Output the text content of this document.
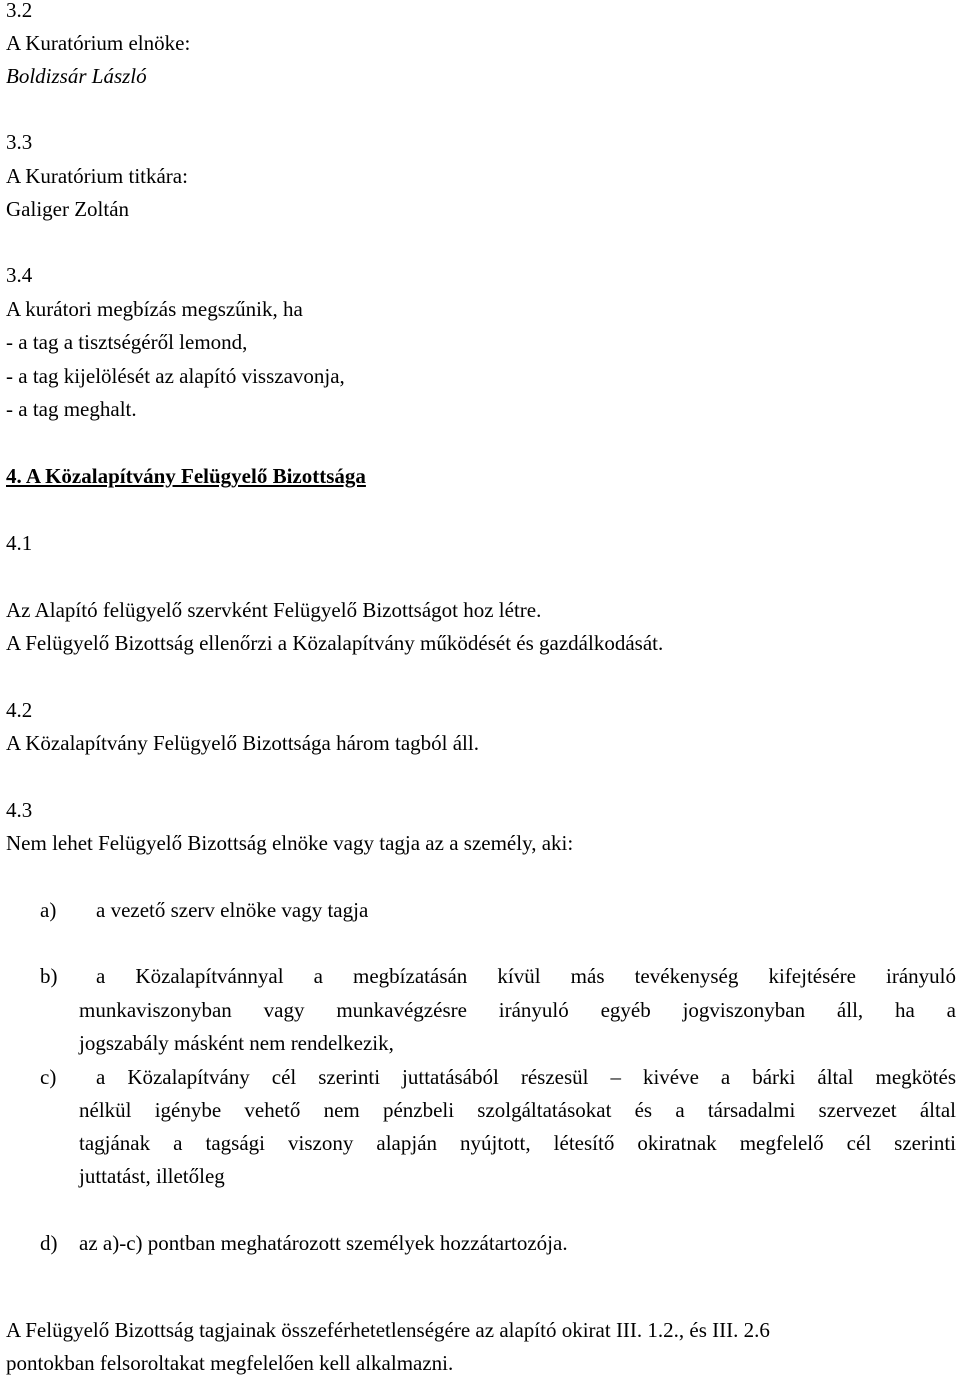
3.2
A Kuratórium elnöke:
Boldizsár László
3.3
A Kuratórium titkára:
Galiger Zoltán
3.4
A kurátori megbízás megszűnik, ha
- a tag a tisztségéről lemond,
- a tag kijelölését az alapító visszavonja,
- a tag meghalt.
4. A Közalapítvány Felügyelő Bizottsága
4.1
Az Alapító felügyelő szervként Felügyelő Bizottságot hoz létre.
A Felügyelő Bizottság ellenőrzi a Közalapítvány működését és gazdálkodását.
4.2
A Közalapítvány Felügyelő Bizottsága három tagból áll.
4.3
Nem lehet Felügyelő Bizottság elnöke vagy tagja az a személy, aki:
a) a vezető szerv elnöke vagy tagja
b) a Közalapítvánnyal a megbízatásán kívül más tevékenység kifejtésére irányuló
munkaviszonyban vagy munkavégzésre irányuló egyéb jogviszonyban áll, ha a
jogszabály másként nem rendelkezik,
c) a Közalapítvány cél szerinti juttatásából részesül – kivéve a bárki által megkötés
nélkül igénybe vehető nem pénzbeli szolgáltatásokat és a társadalmi szervezet által
tagjának a tagsági viszony alapján nyújtott, létesítő okiratnak megfelelő cél szerinti
juttatást, illetőleg
d) az a)-c) pontban meghatározott személyek hozzátartozója.
A Felügyelő Bizottság tagjainak összeférhetetlenségére az alapító okirat III. 1.2., és III. 2.6
pontokban felsoroltakat megfelelően kell alkalmazni.
